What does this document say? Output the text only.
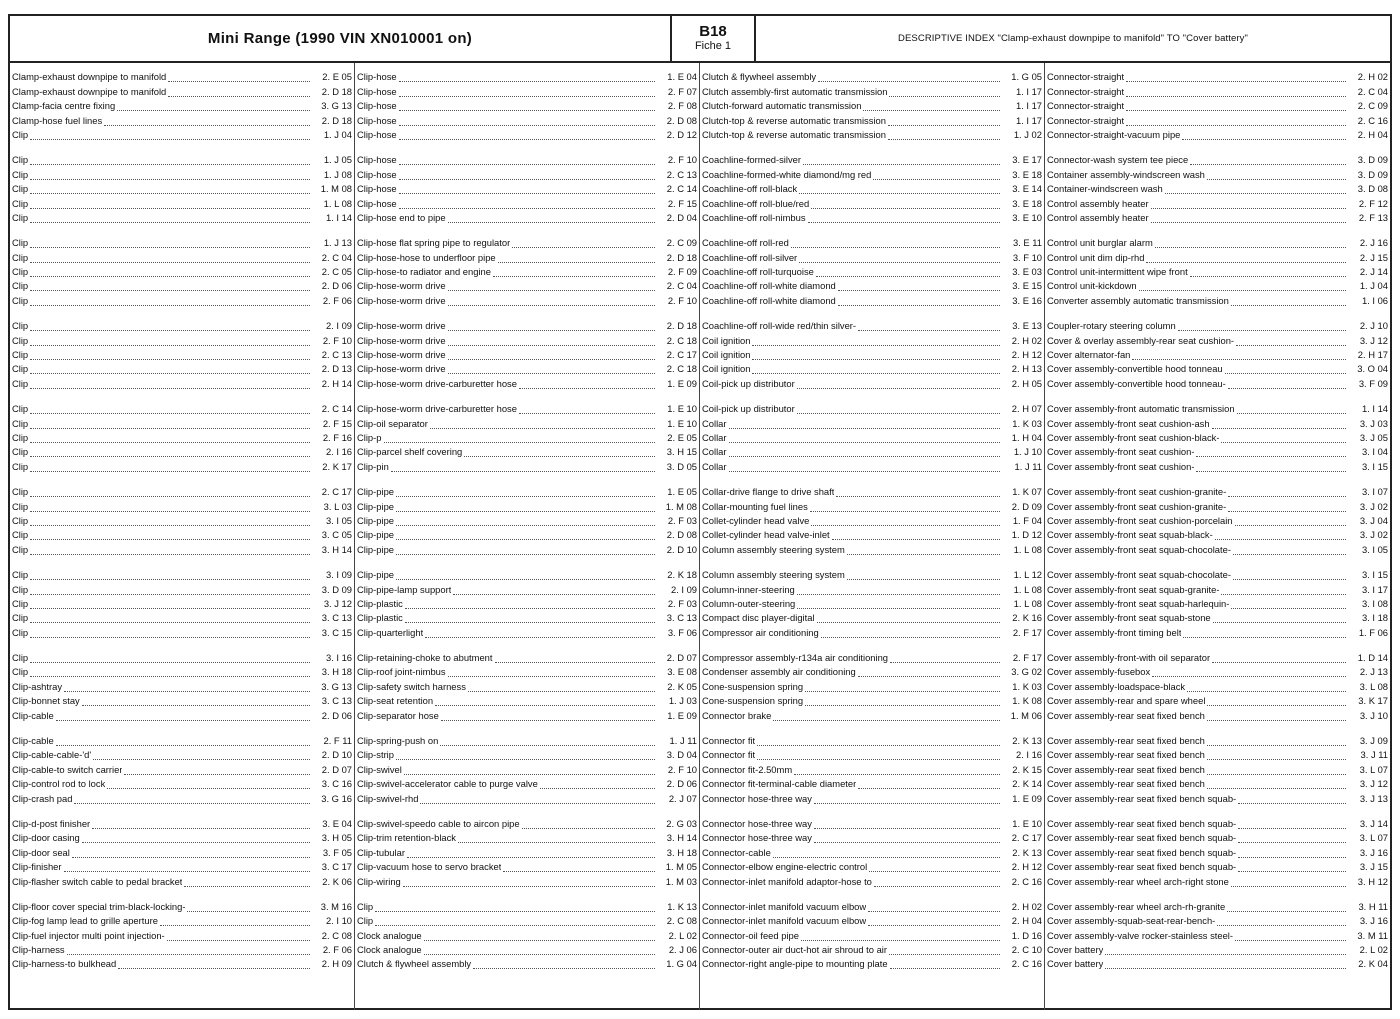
Mini Range (1990 VIN XN010001 on)	B18
Fiche 1
DESCRIPTIVE INDEX "Clamp-exhaust downpipe to manifold" TO "Cover battery"
Clamp-exhaust downpipe to manifold	2. E 05
Clamp-exhaust downpipe to manifold	2. D 18
Clamp-facia centre fixing	3. G 13
Clamp-hose fuel lines	2. D 18
Clip	1. J 04
Clip	1. J 05
Clip	1. J 08
Clip	1. M 08
Clip	1. L 08
Clip	1. I 14
Clip	1. J 13
Clip	2. C 04
Clip	2. C 05
Clip	2. D 06
Clip	2. F 06
Clip	2. I 09
Clip	2. F 10
Clip	2. C 13
Clip	2. D 13
Clip	2. H 14
Clip	2. C 14
Clip	2. F 15
Clip	2. F 16
Clip	2. I 16
Clip	2. K 17
Clip	2. C 17
Clip	3. L 03
Clip	3. I 05
Clip	3. C 05
Clip	3. H 14
Clip	3. I 09
Clip	3. D 09
Clip	3. J 12
Clip	3. C 13
Clip	3. C 15
Clip	3. I 16
Clip	3. H 18
Clip-ashtray	3. G 13
Clip-bonnet stay	3. C 13
Clip-cable	2. D 06
Clip-cable	2. F 11
Clip-cable-cable-'d'	2. D 10
Clip-cable-to switch carrier	2. D 07
Clip-control rod to lock	3. C 16
Clip-crash pad	3. G 16
Clip-d-post finisher	3. E 04
Clip-door casing	3. H 05
Clip-door seal	3. F 05
Clip-finisher	3. C 17
Clip-flasher switch cable to pedal bracket	2. K 06
Clip-floor cover special trim-black-locking-	3. M 16
Clip-fog lamp lead to grille aperture	2. I 10
Clip-fuel injector multi point injection-	2. C 08
Clip-harness	2. F 06
Clip-harness-to bulkhead	2. H 09
Clip-hose	1. E 04
Clip-hose	2. F 07
Clip-hose	2. F 08
Clip-hose	2. D 08
Clip-hose	2. D 12
Clip-hose	2. F 10
Clip-hose	2. C 13
Clip-hose	2. C 14
Clip-hose	2. F 15
Clip-hose end to pipe	2. D 04
Clip-hose flat spring pipe to regulator	2. C 09
Clip-hose-hose to underfloor pipe	2. D 18
Clip-hose-to radiator and engine	2. F 09
Clip-hose-worm drive	2. C 04
Clip-hose-worm drive	2. F 10
Clip-hose-worm drive	2. D 18
Clip-hose-worm drive	2. C 18
Clip-hose-worm drive	2. C 17
Clip-hose-worm drive	2. C 18
Clip-hose-worm drive-carburetter hose	1. E 09
Clip-hose-worm drive-carburetter hose	1. E 10
Clip-oil separator	1. E 10
Clip-p	2. E 05
Clip-parcel shelf covering	3. H 15
Clip-pin	3. D 05
Clip-pipe	1. E 05
Clip-pipe	1. M 08
Clip-pipe	2. F 03
Clip-pipe	2. D 08
Clip-pipe	2. D 10
Clip-pipe	2. K 18
Clip-pipe-lamp support	2. I 09
Clip-plastic	2. F 03
Clip-plastic	3. C 13
Clip-quarterlight	3. F 06
Clip-retaining-choke to abutment	2. D 07
Clip-roof joint-nimbus	3. E 08
Clip-safety switch harness	2. K 05
Clip-seat retention	1. J 03
Clip-separator hose	1. E 09
Clip-spring-push on	1. J 11
Clip-strip	3. D 04
Clip-swivel	2. F 10
Clip-swivel-accelerator cable to purge valve	2. D 06
Clip-swivel-rhd	2. J 07
Clip-swivel-speedo cable to aircon pipe	2. G 03
Clip-trim retention-black	3. H 14
Clip-tubular	3. H 18
Clip-vacuum hose to servo bracket	1. M 05
Clip-wiring	1. M 03
Clip	1. K 13
Clip	2. C 08
Clock analogue	2. L 02
Clock analogue	2. J 06
Clutch & flywheel assembly	1. G 04
Clutch & flywheel assembly	1. G 05
Clutch assembly-first automatic transmission	1. I 17
Clutch-forward automatic transmission	1. I 17
Clutch-top & reverse automatic transmission	1. I 17
Clutch-top & reverse automatic transmission	1. J 02
Coachline-formed-silver	3. E 17
Coachline-formed-white diamond/mg red	3. E 18
Coachline-off roll-black	3. E 14
Coachline-off roll-blue/red	3. E 18
Coachline-off roll-nimbus	3. E 10
Coachline-off roll-red	3. E 11
Coachline-off roll-silver	3. F 10
Coachline-off roll-turquoise	3. E 03
Coachline-off roll-white diamond	3. E 15
Coachline-off roll-white diamond	3. E 16
Coachline-off roll-wide red/thin silver-	3. E 13
Coil ignition	2. H 02
Coil ignition	2. H 12
Coil ignition	2. H 13
Coil-pick up distributor	2. H 05
Coil-pick up distributor	2. H 07
Collar	1. K 03
Collar	1. H 04
Collar	1. J 10
Collar	1. J 11
Collar-drive flange to drive shaft	1. K 07
Collar-mounting fuel lines	2. D 09
Collet-cylinder head valve	1. F 04
Collet-cylinder head valve-inlet	1. D 12
Column assembly steering system	1. L 08
Column assembly steering system	1. L 12
Column-inner-steering	1. L 08
Column-outer-steering	1. L 08
Compact disc player-digital	2. K 16
Compressor air conditioning	2. F 17
Compressor assembly-r134a air conditioning	2. F 17
Condenser assembly air conditioning	3. G 02
Cone-suspension spring	1. K 03
Cone-suspension spring	1. K 08
Connector brake	1. M 06
Connector fit	2. K 13
Connector fit	2. I 16
Connector fit-2.50mm	2. K 15
Connector fit-terminal-cable diameter	2. K 14
Connector hose-three way	1. E 09
Connector hose-three way	1. E 10
Connector hose-three way	2. C 17
Connector-cable	2. K 13
Connector-elbow engine-electric control	2. H 12
Connector-inlet manifold adaptor-hose to	2. C 16
Connector-inlet manifold vacuum elbow	2. H 02
Connector-inlet manifold vacuum elbow	2. H 04
Connector-oil feed pipe	1. D 16
Connector-outer air duct-hot air shroud to air	2. C 10
Connector-right angle-pipe to mounting plate	2. C 16
Connector-straight	2. H 02
Connector-straight	2. C 04
Connector-straight	2. C 09
Connector-straight	2. C 16
Connector-straight-vacuum pipe	2. H 04
Connector-wash system tee piece	3. D 09
Container assembly-windscreen wash	3. D 09
Container-windscreen wash	3. D 08
Control assembly heater	2. F 12
Control assembly heater	2. F 13
Control unit burglar alarm	2. J 16
Control unit dim dip-rhd	2. J 15
Control unit-intermittent wipe front	2. J 14
Control unit-kickdown	1. J 04
Converter assembly automatic transmission	1. I 06
Coupler-rotary steering column	2. J 10
Cover & overlay assembly-rear seat cushion-	3. J 12
Cover alternator-fan	2. H 17
Cover assembly-convertible hood tonneau	3. O 04
Cover assembly-convertible hood tonneau-	3. F 09
Cover assembly-front automatic transmission	1. I 14
Cover assembly-front seat cushion-ash	3. J 03
Cover assembly-front seat cushion-black-	3. J 05
Cover assembly-front seat cushion-	3. I 04
Cover assembly-front seat cushion-	3. I 15
Cover assembly-front seat cushion-granite-	3. I 07
Cover assembly-front seat cushion-granite-	3. J 02
Cover assembly-front seat cushion-porcelain	3. J 04
Cover assembly-front seat squab-black-	3. J 02
Cover assembly-front seat squab-chocolate-	3. I 05
Cover assembly-front seat squab-chocolate-	3. I 15
Cover assembly-front seat squab-granite-	3. I 17
Cover assembly-front seat squab-harlequin-	3. I 08
Cover assembly-front seat squab-stone	3. I 18
Cover assembly-front timing belt	1. F 06
Cover assembly-front-with oil separator	1. D 14
Cover assembly-fusebox	2. J 13
Cover assembly-loadspace-black	3. L 08
Cover assembly-rear and spare wheel	3. K 17
Cover assembly-rear seat fixed bench	3. J 10
Cover assembly-rear seat fixed bench	3. J 09
Cover assembly-rear seat fixed bench	3. J 11
Cover assembly-rear seat fixed bench	3. L 07
Cover assembly-rear seat fixed bench	3. J 12
Cover assembly-rear seat fixed bench squab-	3. J 13
Cover assembly-rear seat fixed bench squab-	3. J 14
Cover assembly-rear seat fixed bench squab-	3. L 07
Cover assembly-rear seat fixed bench squab-	3. J 16
Cover assembly-rear seat fixed bench squab-	3. J 15
Cover assembly-rear wheel arch-right stone	3. H 12
Cover assembly-rear wheel arch-rh-granite	3. H 11
Cover assembly-squab-seat-rear-bench-	3. J 16
Cover assembly-valve rocker-stainless steel-	3. M 11
Cover battery	2. L 02
Cover battery	2. K 04
